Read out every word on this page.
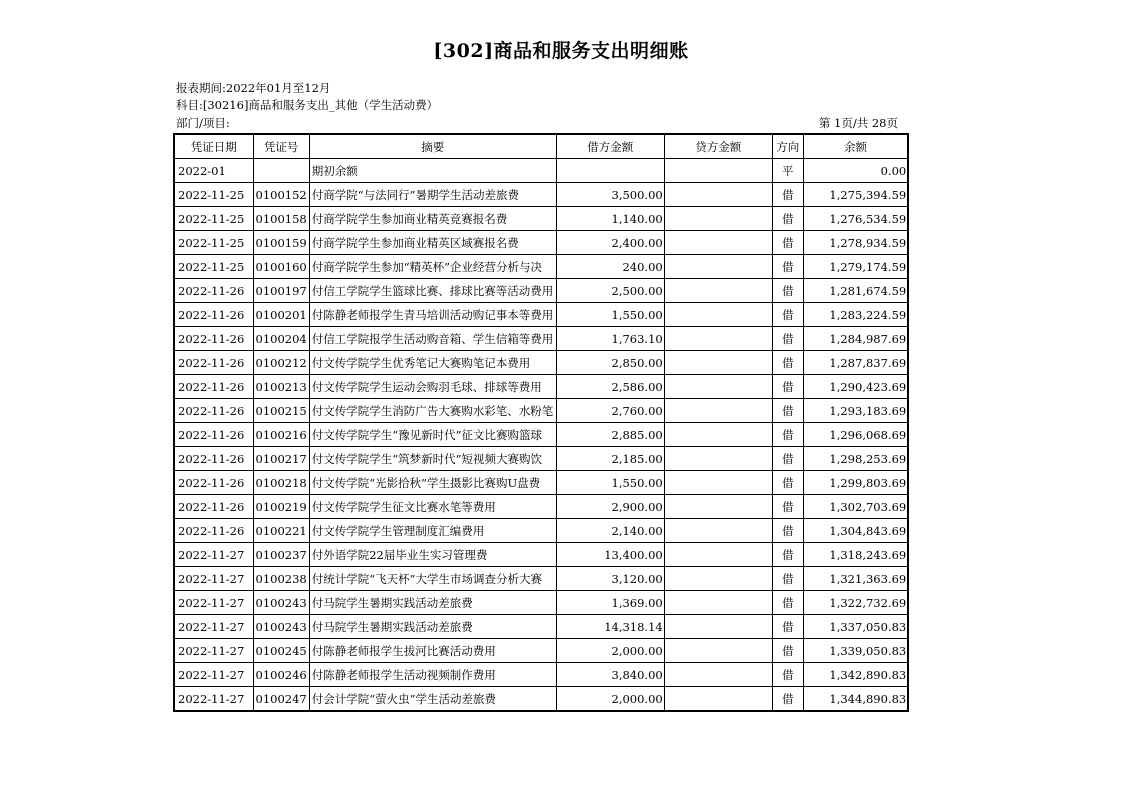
[302]商品和服务支出明细账
报表期间:2022年01月至12月
科目:[30216]商品和服务支出_其他（学生活动费）
部门/项目:	第 1页/共 28页
凭证日期	凭证号	摘要	借方金额	贷方金额	方向	余额
2022-01		期初余额			平	0.00
2022-11-25	0100152	付商学院“与法同行”暑期学生活动差旅费	3,500.00		借	1,275,394.59
2022-11-25	0100158	付商学院学生参加商业精英竞赛报名费	1,140.00		借	1,276,534.59
2022-11-25	0100159	付商学院学生参加商业精英区域赛报名费	2,400.00		借	1,278,934.59
2022-11-25	0100160	付商学院学生参加“精英杯”企业经营分析与决	240.00		借	1,279,174.59
2022-11-26	0100197	付信工学院学生篮球比赛、排球比赛等活动费用	2,500.00		借	1,281,674.59
2022-11-26	0100201	付陈静老师报学生青马培训活动购记事本等费用	1,550.00		借	1,283,224.59
2022-11-26	0100204	付信工学院报学生活动购音箱、学生信箱等费用	1,763.10		借	1,284,987.69
2022-11-26	0100212	付文传学院学生优秀笔记大赛购笔记本费用	2,850.00		借	1,287,837.69
2022-11-26	0100213	付文传学院学生运动会购羽毛球、排球等费用	2,586.00		借	1,290,423.69
2022-11-26	0100215	付文传学院学生消防广告大赛购水彩笔、水粉笔	2,760.00		借	1,293,183.69
2022-11-26	0100216	付文传学院学生“豫见新时代”征文比赛购篮球	2,885.00		借	1,296,068.69
2022-11-26	0100217	付文传学院学生“筑梦新时代”短视频大赛购饮	2,185.00		借	1,298,253.69
2022-11-26	0100218	付文传学院“光影拾秋”学生摄影比赛购U盘费	1,550.00		借	1,299,803.69
2022-11-26	0100219	付文传学院学生征文比赛水笔等费用	2,900.00		借	1,302,703.69
2022-11-26	0100221	付文传学院学生管理制度汇编费用	2,140.00		借	1,304,843.69
2022-11-27	0100237	付外语学院22届毕业生实习管理费	13,400.00		借	1,318,243.69
2022-11-27	0100238	付统计学院“飞天杯”大学生市场调查分析大赛	3,120.00		借	1,321,363.69
2022-11-27	0100243	付马院学生暑期实践活动差旅费	1,369.00		借	1,322,732.69
2022-11-27	0100243	付马院学生暑期实践活动差旅费	14,318.14		借	1,337,050.83
2022-11-27	0100245	付陈静老师报学生拔河比赛活动费用	2,000.00		借	1,339,050.83
2022-11-27	0100246	付陈静老师报学生活动视频制作费用	3,840.00		借	1,342,890.83
2022-11-27	0100247	付会计学院“萤火虫”学生活动差旅费	2,000.00		借	1,344,890.83
